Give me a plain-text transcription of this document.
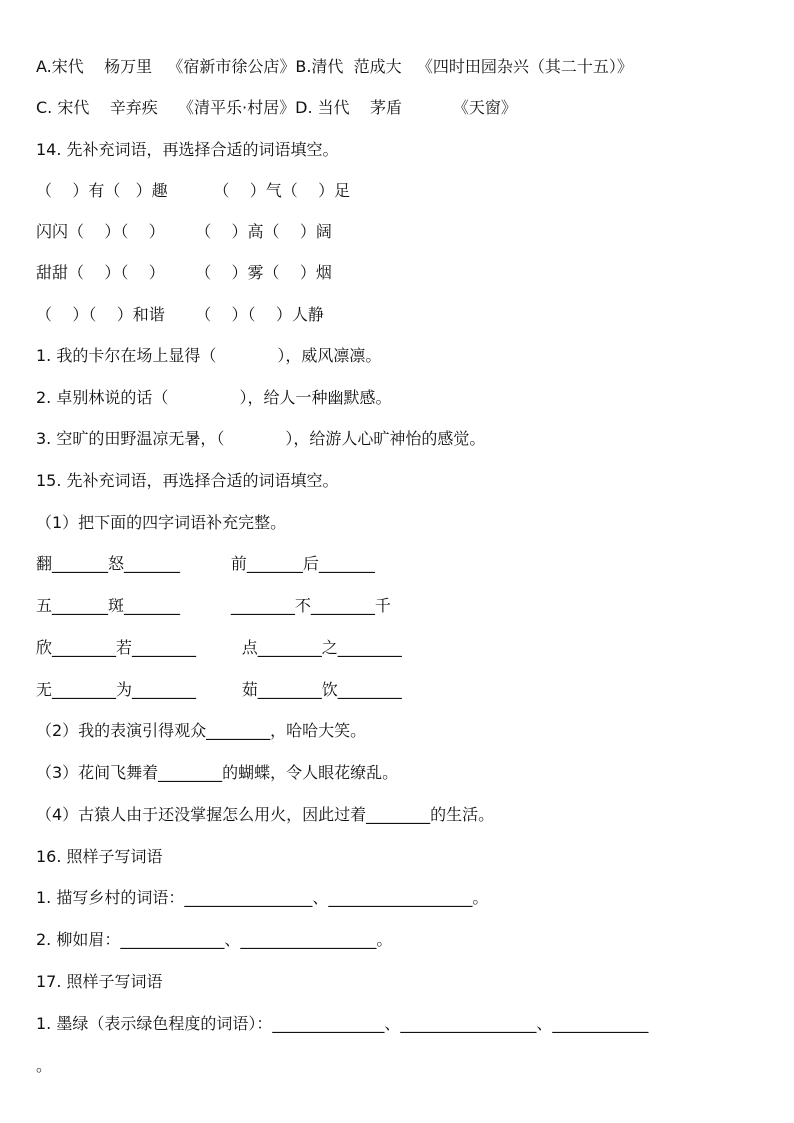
A.宋代    杨万里   《宿新市徐公店》B.清代  范成大   《四时田园杂兴（其二十五）》
C. 宋代    辛弃疾    《清平乐·村居》D. 当代    茅盾          《天窗》
14. 先补充词语，再选择合适的词语填空。
（    ）有（   ）趣         （    ）气（    ）足
闪闪（    ）（    ）      （    ）高（    ）阔
甜甜（    ）（    ）      （    ）雾（    ）烟
（    ）（    ）和谐      （    ）（    ）人静
1. 我的卡尔在场上显得（            ），威风凛凛。
2. 卓别林说的话（              ），给人一种幽默感。
3. 空旷的田野温凉无暑，（            ），给游人心旷神怡的感觉。
15. 先补充词语，再选择合适的词语填空。
（1）把下面的四字词语补充完整。
翻_______怒_______          前_______后_______
五_______斑_______          ________不________千
欣________若________         点________之________
无________为________         茹________饮________
（2）我的表演引得观众________，哈哈大笑。
（3）花间飞舞着________的蝴蝶，令人眼花缭乱。
（4）古猿人由于还没掌握怎么用火，因此过着________的生活。
16. 照样子写词语
1. 描写乡村的词语：________________、__________________。
2. 柳如眉：_____________、_________________。
17. 照样子写词语
1. 墨绿（表示绿色程度的词语）：______________、_________________、____________
。
